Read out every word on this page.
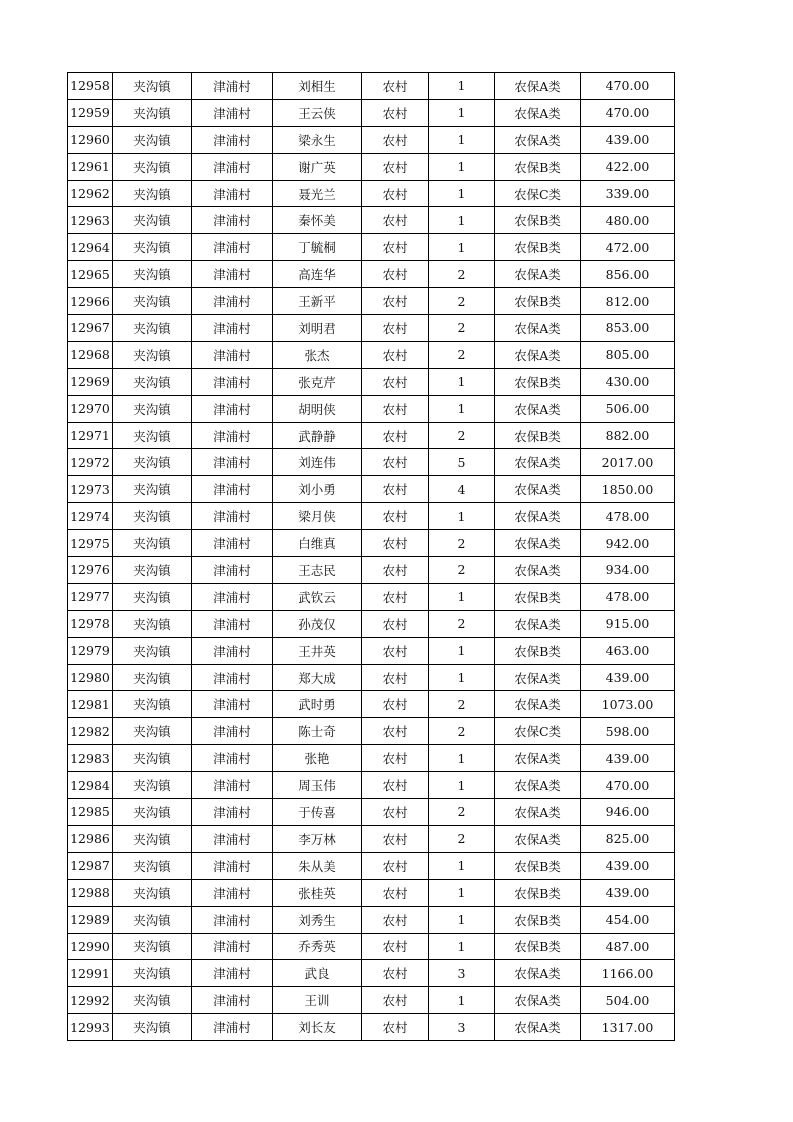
12958	夹沟镇	津浦村	刘相生	农村	1	农保A类	470.00
12959	夹沟镇	津浦村	王云侠	农村	1	农保A类	470.00
12960	夹沟镇	津浦村	梁永生	农村	1	农保A类	439.00
12961	夹沟镇	津浦村	谢广英	农村	1	农保B类	422.00
12962	夹沟镇	津浦村	聂光兰	农村	1	农保C类	339.00
12963	夹沟镇	津浦村	秦怀美	农村	1	农保B类	480.00
12964	夹沟镇	津浦村	丁毓桐	农村	1	农保B类	472.00
12965	夹沟镇	津浦村	高连华	农村	2	农保A类	856.00
12966	夹沟镇	津浦村	王新平	农村	2	农保B类	812.00
12967	夹沟镇	津浦村	刘明君	农村	2	农保A类	853.00
12968	夹沟镇	津浦村	张杰	农村	2	农保A类	805.00
12969	夹沟镇	津浦村	张克芹	农村	1	农保B类	430.00
12970	夹沟镇	津浦村	胡明侠	农村	1	农保A类	506.00
12971	夹沟镇	津浦村	武静静	农村	2	农保B类	882.00
12972	夹沟镇	津浦村	刘连伟	农村	5	农保A类	2017.00
12973	夹沟镇	津浦村	刘小勇	农村	4	农保A类	1850.00
12974	夹沟镇	津浦村	梁月侠	农村	1	农保A类	478.00
12975	夹沟镇	津浦村	白维真	农村	2	农保A类	942.00
12976	夹沟镇	津浦村	王志民	农村	2	农保A类	934.00
12977	夹沟镇	津浦村	武钦云	农村	1	农保B类	478.00
12978	夹沟镇	津浦村	孙茂仅	农村	2	农保A类	915.00
12979	夹沟镇	津浦村	王井英	农村	1	农保B类	463.00
12980	夹沟镇	津浦村	郑大成	农村	1	农保A类	439.00
12981	夹沟镇	津浦村	武时勇	农村	2	农保A类	1073.00
12982	夹沟镇	津浦村	陈士奇	农村	2	农保C类	598.00
12983	夹沟镇	津浦村	张艳	农村	1	农保A类	439.00
12984	夹沟镇	津浦村	周玉伟	农村	1	农保A类	470.00
12985	夹沟镇	津浦村	于传喜	农村	2	农保A类	946.00
12986	夹沟镇	津浦村	李万林	农村	2	农保A类	825.00
12987	夹沟镇	津浦村	朱从美	农村	1	农保B类	439.00
12988	夹沟镇	津浦村	张桂英	农村	1	农保B类	439.00
12989	夹沟镇	津浦村	刘秀生	农村	1	农保B类	454.00
12990	夹沟镇	津浦村	乔秀英	农村	1	农保B类	487.00
12991	夹沟镇	津浦村	武良	农村	3	农保A类	1166.00
12992	夹沟镇	津浦村	王训	农村	1	农保A类	504.00
12993	夹沟镇	津浦村	刘长友	农村	3	农保A类	1317.00
